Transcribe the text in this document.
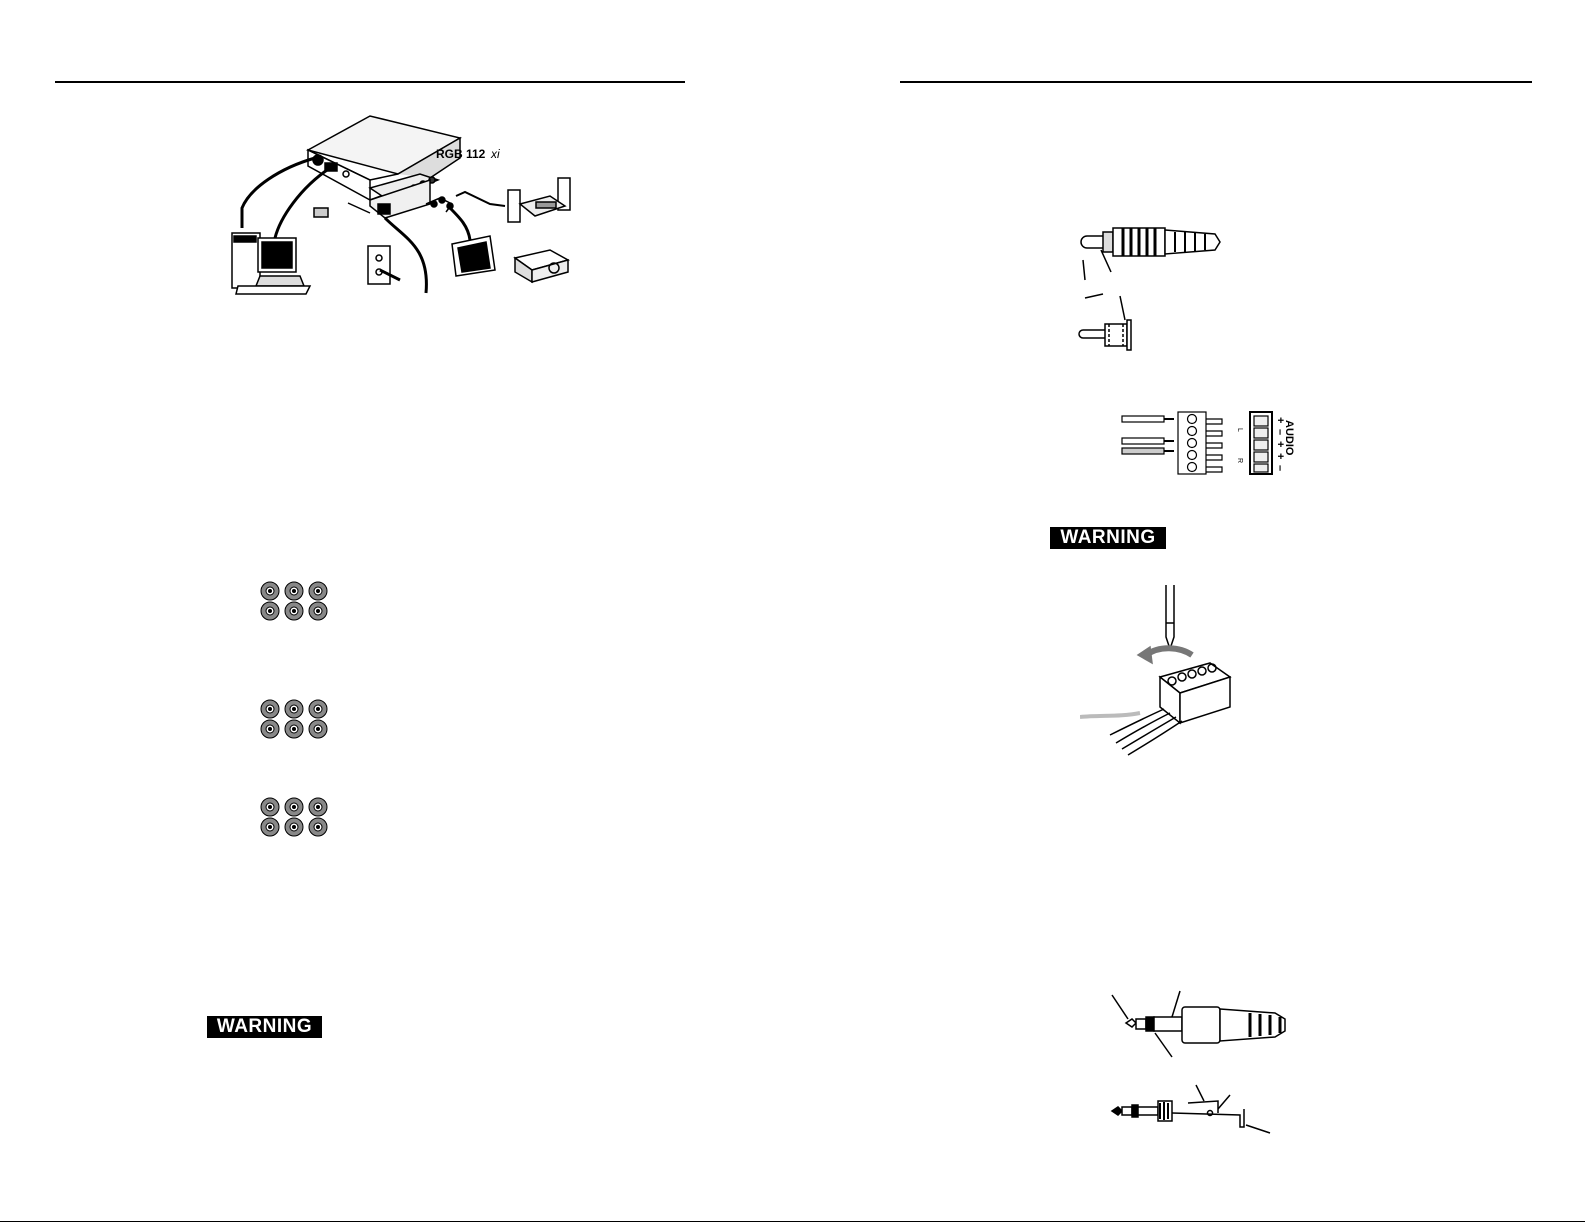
RGB 112 xi
WARNING
L
R
+
–
+
+
–
AUDIO
WARNING
